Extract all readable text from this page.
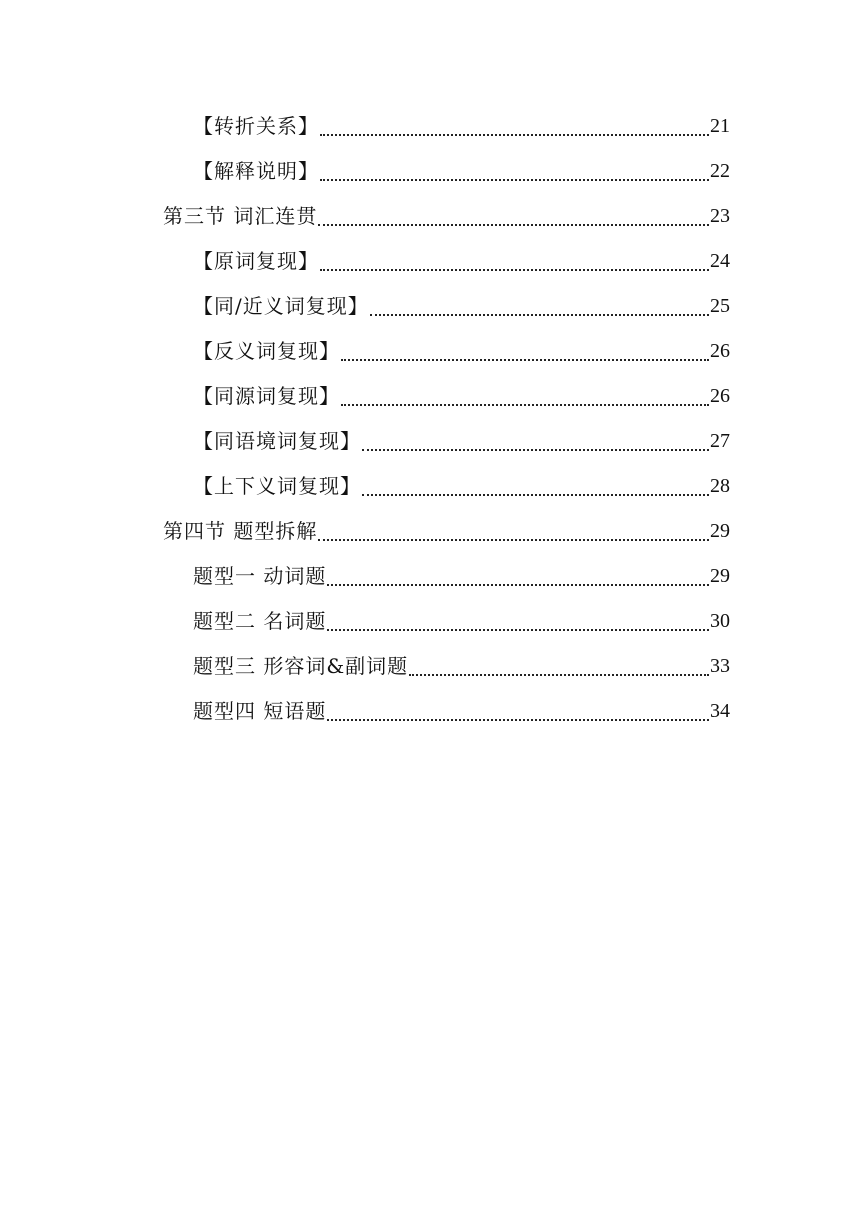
【转折关系】	21
【解释说明】	22
第三节 词汇连贯	23
【原词复现】	24
【同/近义词复现】	25
【反义词复现】	26
【同源词复现】	26
【同语境词复现】	27
【上下义词复现】	28
第四节 题型拆解	29
题型一 动词题	29
题型二 名词题	30
题型三 形容词&副词题	33
题型四 短语题	34
